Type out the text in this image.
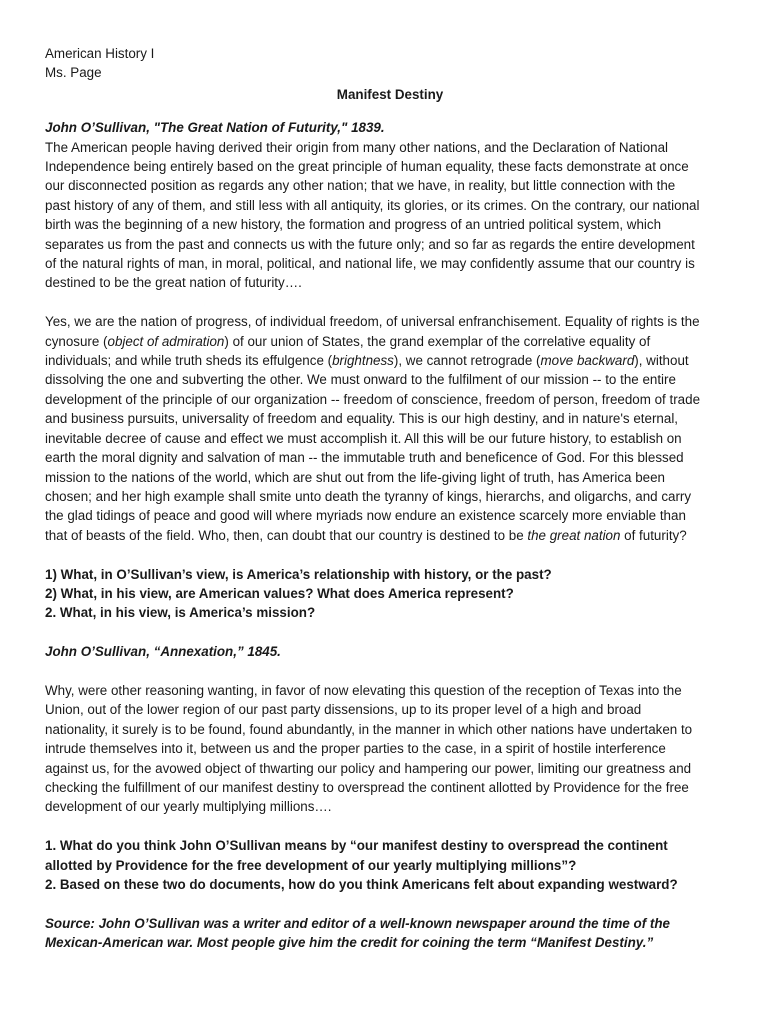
American History I
Ms. Page
Manifest Destiny
John O’Sullivan, "The Great Nation of Futurity," 1839.
The American people having derived their origin from many other nations, and the Declaration of National
Independence being entirely based on the great principle of human equality, these facts demonstrate at once
our disconnected position as regards any other nation; that we have, in reality, but little connection with the
past history of any of them, and still less with all antiquity, its glories, or its crimes. On the contrary, our national
birth was the beginning of a new history, the formation and progress of an untried political system, which
separates us from the past and connects us with the future only; and so far as regards the entire development
of the natural rights of man, in moral, political, and national life, we may confidently assume that our country is
destined to be the great nation of futurity….
Yes, we are the nation of progress, of individual freedom, of universal enfranchisement. Equality of rights is the
cynosure (object of admiration) of our union of States, the grand exemplar of the correlative equality of
individuals; and while truth sheds its effulgence (brightness), we cannot retrograde (move backward), without
dissolving the one and subverting the other. We must onward to the fulfilment of our mission -- to the entire
development of the principle of our organization -- freedom of conscience, freedom of person, freedom of trade
and business pursuits, universality of freedom and equality. This is our high destiny, and in nature's eternal,
inevitable decree of cause and effect we must accomplish it. All this will be our future history, to establish on
earth the moral dignity and salvation of man -- the immutable truth and beneficence of God. For this blessed
mission to the nations of the world, which are shut out from the life-giving light of truth, has America been
chosen; and her high example shall smite unto death the tyranny of kings, hierarchs, and oligarchs, and carry
the glad tidings of peace and good will where myriads now endure an existence scarcely more enviable than
that of beasts of the field. Who, then, can doubt that our country is destined to be the great nation of futurity?
1) What, in O’Sullivan’s view, is America’s relationship with history, or the past?
2) What, in his view, are American values? What does America represent?
2. What, in his view, is America’s mission?
John O’Sullivan, “Annexation,” 1845.
Why, were other reasoning wanting, in favor of now elevating this question of the reception of Texas into the
Union, out of the lower region of our past party dissensions, up to its proper level of a high and broad
nationality, it surely is to be found, found abundantly, in the manner in which other nations have undertaken to
intrude themselves into it, between us and the proper parties to the case, in a spirit of hostile interference
against us, for the avowed object of thwarting our policy and hampering our power, limiting our greatness and
checking the fulfillment of our manifest destiny to overspread the continent allotted by Providence for the free
development of our yearly multiplying millions….
1. What do you think John O’Sullivan means by “our manifest destiny to overspread the continent
allotted by Providence for the free development of our yearly multiplying millions”?
2. Based on these two do documents, how do you think Americans felt about expanding westward?
Source: John O’Sullivan was a writer and editor of a well-known newspaper around the time of the
Mexican-American war. Most people give him the credit for coining the term “Manifest Destiny.”
